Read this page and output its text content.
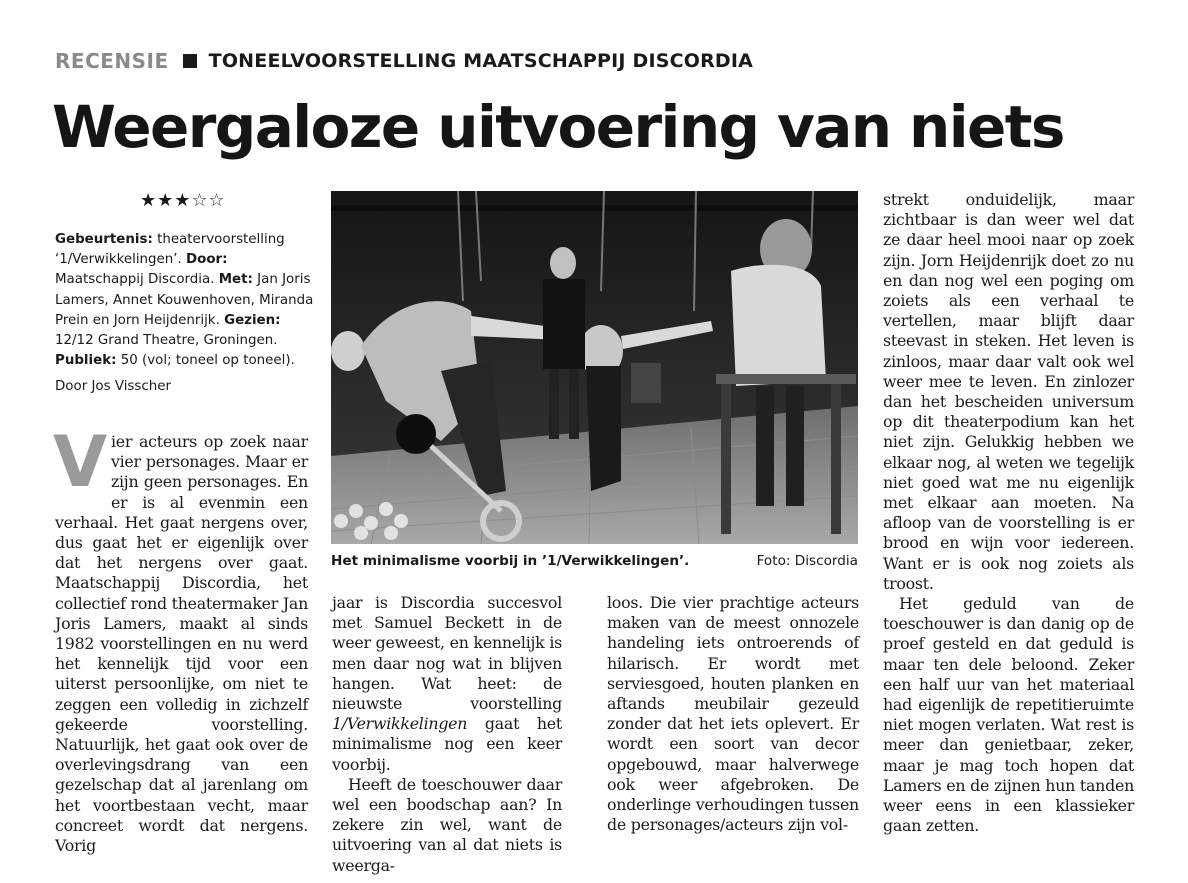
RECENSIE TONEELVOORSTELLING MAATSCHAPPIJ DISCORDIA
Weergaloze uitvoering van niets
★★★☆☆

Gebeurtenis: theatervoorstelling ‘1/Verwikkelingen’. Door: Maatschappij Discordia. Met: Jan Joris Lamers, Annet Kouwenhoven, Miranda Prein en Jorn Heijdenrijk. Gezien: 12/12 Grand Theatre, Groningen. Publiek: 50 (vol; toneel op toneel).

Door Jos Visscher

V ier acteurs op zoek naar vier personages. Maar er zijn geen personages. En er is al evenmin een verhaal. Het gaat nergens over, dus gaat het er eigenlijk over dat het nergens over gaat. Maatschappij Discordia, het collectief rond theatermaker Jan Joris Lamers, maakt al sinds 1982 voorstellingen en nu werd het kennelijk tijd voor een uiterst persoonlijke, om niet te zeggen een volledig in zichzelf gekeerde voorstelling. Natuurlijk, het gaat ook over de overlevingsdrang van een gezelschap dat al jarenlang om het voortbestaan vecht, maar concreet wordt dat nergens. Vorig

Het minimalisme voorbij in ’1/Verwikkelingen’.	Foto: Discordia

jaar is Discordia succesvol met Samuel Beckett in de weer geweest, en kennelijk is men daar nog wat in blijven hangen. Wat heet: de nieuwste voorstelling 1/Verwikkelingen gaat het minimalisme nog een keer voorbij.

Heeft de toeschouwer daar wel een boodschap aan? In zekere zin wel, want de uitvoering van al dat niets is weerga-

loos. Die vier prachtige acteurs maken van de meest onnozele handeling iets ontroerends of hilarisch. Er wordt met serviesgoed, houten planken en aftands meubilair gezeuld zonder dat het iets oplevert. Er wordt een soort van decor opgebouwd, maar halverwege ook weer afgebroken. De onderlinge verhoudingen tussen de personages/acteurs zijn vol-

strekt onduidelijk, maar zichtbaar is dan weer wel dat ze daar heel mooi naar op zoek zijn. Jorn Heijdenrijk doet zo nu en dan nog wel een poging om zoiets als een verhaal te vertellen, maar blijft daar steevast in steken. Het leven is zinloos, maar daar valt ook wel weer mee te leven. En zinlozer dan het bescheiden universum op dit theaterpodium kan het niet zijn. Gelukkig hebben we elkaar nog, al weten we tegelijk niet goed wat me nu eigenlijk met elkaar aan moeten. Na afloop van de voorstelling is er brood en wijn voor iedereen. Want er is ook nog zoiets als troost.

Het geduld van de toeschouwer is dan danig op de proef gesteld en dat geduld is maar ten dele beloond. Zeker een half uur van het materiaal had eigenlijk de repetitieruimte niet mogen verlaten. Wat rest is meer dan genietbaar, zeker, maar je mag toch hopen dat Lamers en de zijnen hun tanden weer eens in een klassieker gaan zetten.
